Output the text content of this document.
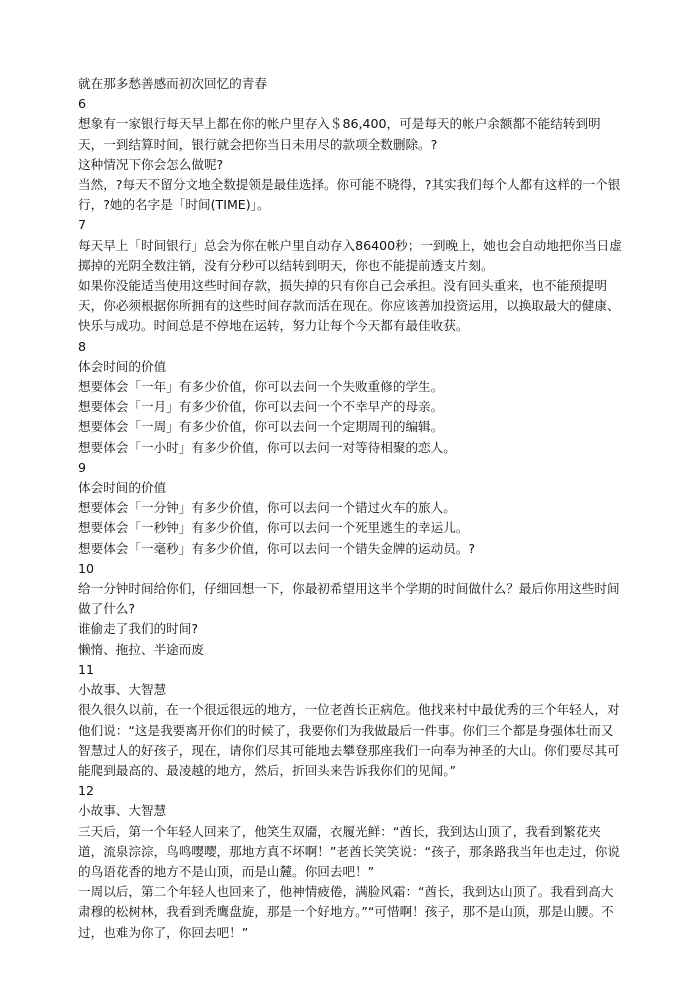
就在那多愁善感而初次回忆的青春

6

想象有一家银行每天早上都在你的帐户里存入＄86,400，可是每天的帐户余额都不能结转到明天，一到结算时间，银行就会把你当日未用尽的款项全数删除。?

这种情况下你会怎么做呢?

当然，?每天不留分文地全数提领是最佳选择。你可能不晓得，?其实我们每个人都有这样的一个银行，?她的名字是「时间(TIME)」。

7

每天早上「时间银行」总会为你在帐户里自动存入86400秒；一到晚上，她也会自动地把你当日虚掷掉的光阴全数注销，没有分秒可以结转到明天，你也不能提前透支片刻。

如果你没能适当使用这些时间存款，损失掉的只有你自己会承担。没有回头重来，也不能预提明天，你必须根据你所拥有的这些时间存款而活在现在。你应该善加投资运用，以换取最大的健康、快乐与成功。时间总是不停地在运转，努力让每个今天都有最佳收获。

8

体会时间的价值

想要体会「一年」有多少价值，你可以去问一个失败重修的学生。

想要体会「一月」有多少价值，你可以去问一个不幸早产的母亲。

想要体会「一周」有多少价值，你可以去问一个定期周刊的编辑。

想要体会「一小时」有多少价值，你可以去问一对等待相聚的恋人。

9

体会时间的价值

想要体会「一分钟」有多少价值，你可以去问一个错过火车的旅人。

想要体会「一秒钟」有多少价值，你可以去问一个死里逃生的幸运儿。

想要体会「一毫秒」有多少价值，你可以去问一个错失金牌的运动员。?

10

给一分钟时间给你们，仔细回想一下，你最初希望用这半个学期的时间做什么？最后你用这些时间做了什么?

谁偷走了我们的时间?

懒惰、拖拉、半途而废

11

小故事、大智慧

很久很久以前，在一个很远很远的地方，一位老酋长正病危。他找来村中最优秀的三个年轻人，对他们说：“这是我要离开你们的时候了，我要你们为我做最后一件事。你们三个都是身强体壮而又智慧过人的好孩子，现在，请你们尽其可能地去攀登那座我们一向奉为神圣的大山。你们要尽其可能爬到最高的、最凌越的地方，然后，折回头来告诉我你们的见闻。”

12

小故事、大智慧

三天后，第一个年轻人回来了，他笑生双靥，衣履光鲜：“酋长，我到达山顶了，我看到繁花夹道，流泉淙淙，鸟鸣嘤嘤，那地方真不坏啊！”老酋长笑笑说：“孩子，那条路我当年也走过，你说的鸟语花香的地方不是山顶，而是山麓。你回去吧！”

一周以后，第二个年轻人也回来了，他神情疲倦，满脸风霜：“酋长，我到达山顶了。我看到高大肃穆的松树林，我看到秃鹰盘旋，那是一个好地方。”“可惜啊！孩子，那不是山顶，那是山腰。不过，也难为你了，你回去吧！”
